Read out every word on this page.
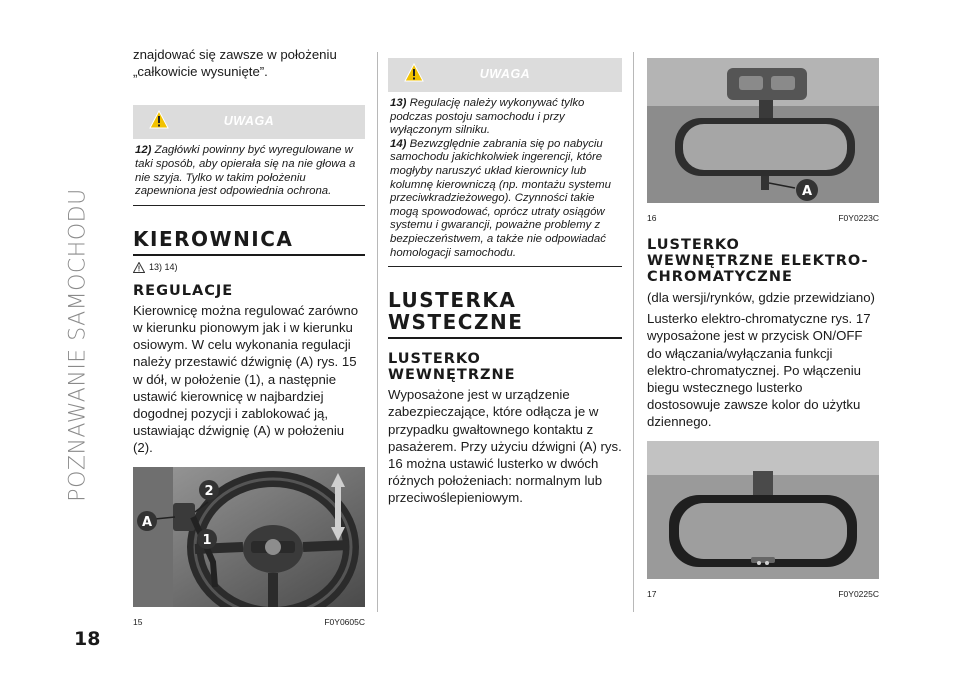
POZNAWANIE SAMOCHODU
18

znajdować się zawsze w położeniu „całkowicie wysunięte”.

UWAGA

12) Zagłówki powinny być wyregulowane w taki sposób, aby opierała się na nie głowa a nie szyja. Tylko w takim położeniu zapewniona jest odpowiednia ochrona.

KIEROWNICA
13) 14)
REGULACJE

Kierownicę można regulować zarówno w kierunku pionowym jak i w kierunku osiowym. W celu wykonania regulacji należy przestawić dźwignię (A) rys. 15 w dół, w położenie (1), a następnie ustawić kierownicę w najbardziej dogodnej pozycji i zablokować ją, ustawiając dźwignię (A) w położeniu (2).

2
1
A
15	F0Y0605C
UWAGA

13) Regulację należy wykonywać tylko podczas postoju samochodu i przy wyłączonym silniku.

14) Bezwzględnie zabrania się po nabyciu samochodu jakichkolwiek ingerencji, które mogłyby naruszyć układ kierownicy lub kolumnę kierowniczą (np. montażu systemu przeciwkradzieżowego). Czynności takie mogą spowodować, oprócz utraty osiągów systemu i gwarancji, poważne problemy z bezpieczeństwem, a także nie odpowiadać homologacji samochodu.

LUSTERKA
WSTECZNE
LUSTERKO
WEWNĘTRZNE

Wyposażone jest w urządzenie zabezpieczające, które odłącza je w przypadku gwałtownego kontaktu z pasażerem. Przy użyciu dźwigni (A) rys. 16 można ustawić lusterko w dwóch różnych położeniach: normalnym lub przeciwoślepieniowym.

A
16	F0Y0223C
LUSTERKO
WEWNĘTRZNE ELEKTRO-
CHROMATYCZNE

(dla wersji/rynków, gdzie przewidziano)

Lusterko elektro-chromatyczne rys. 17 wyposażone jest w przycisk ON/OFF do włączania/wyłączania funkcji elektro-chromatycznej. Po włączeniu biegu wstecznego lusterko dostosowuje zawsze kolor do użytku dziennego.

17	F0Y0225C
